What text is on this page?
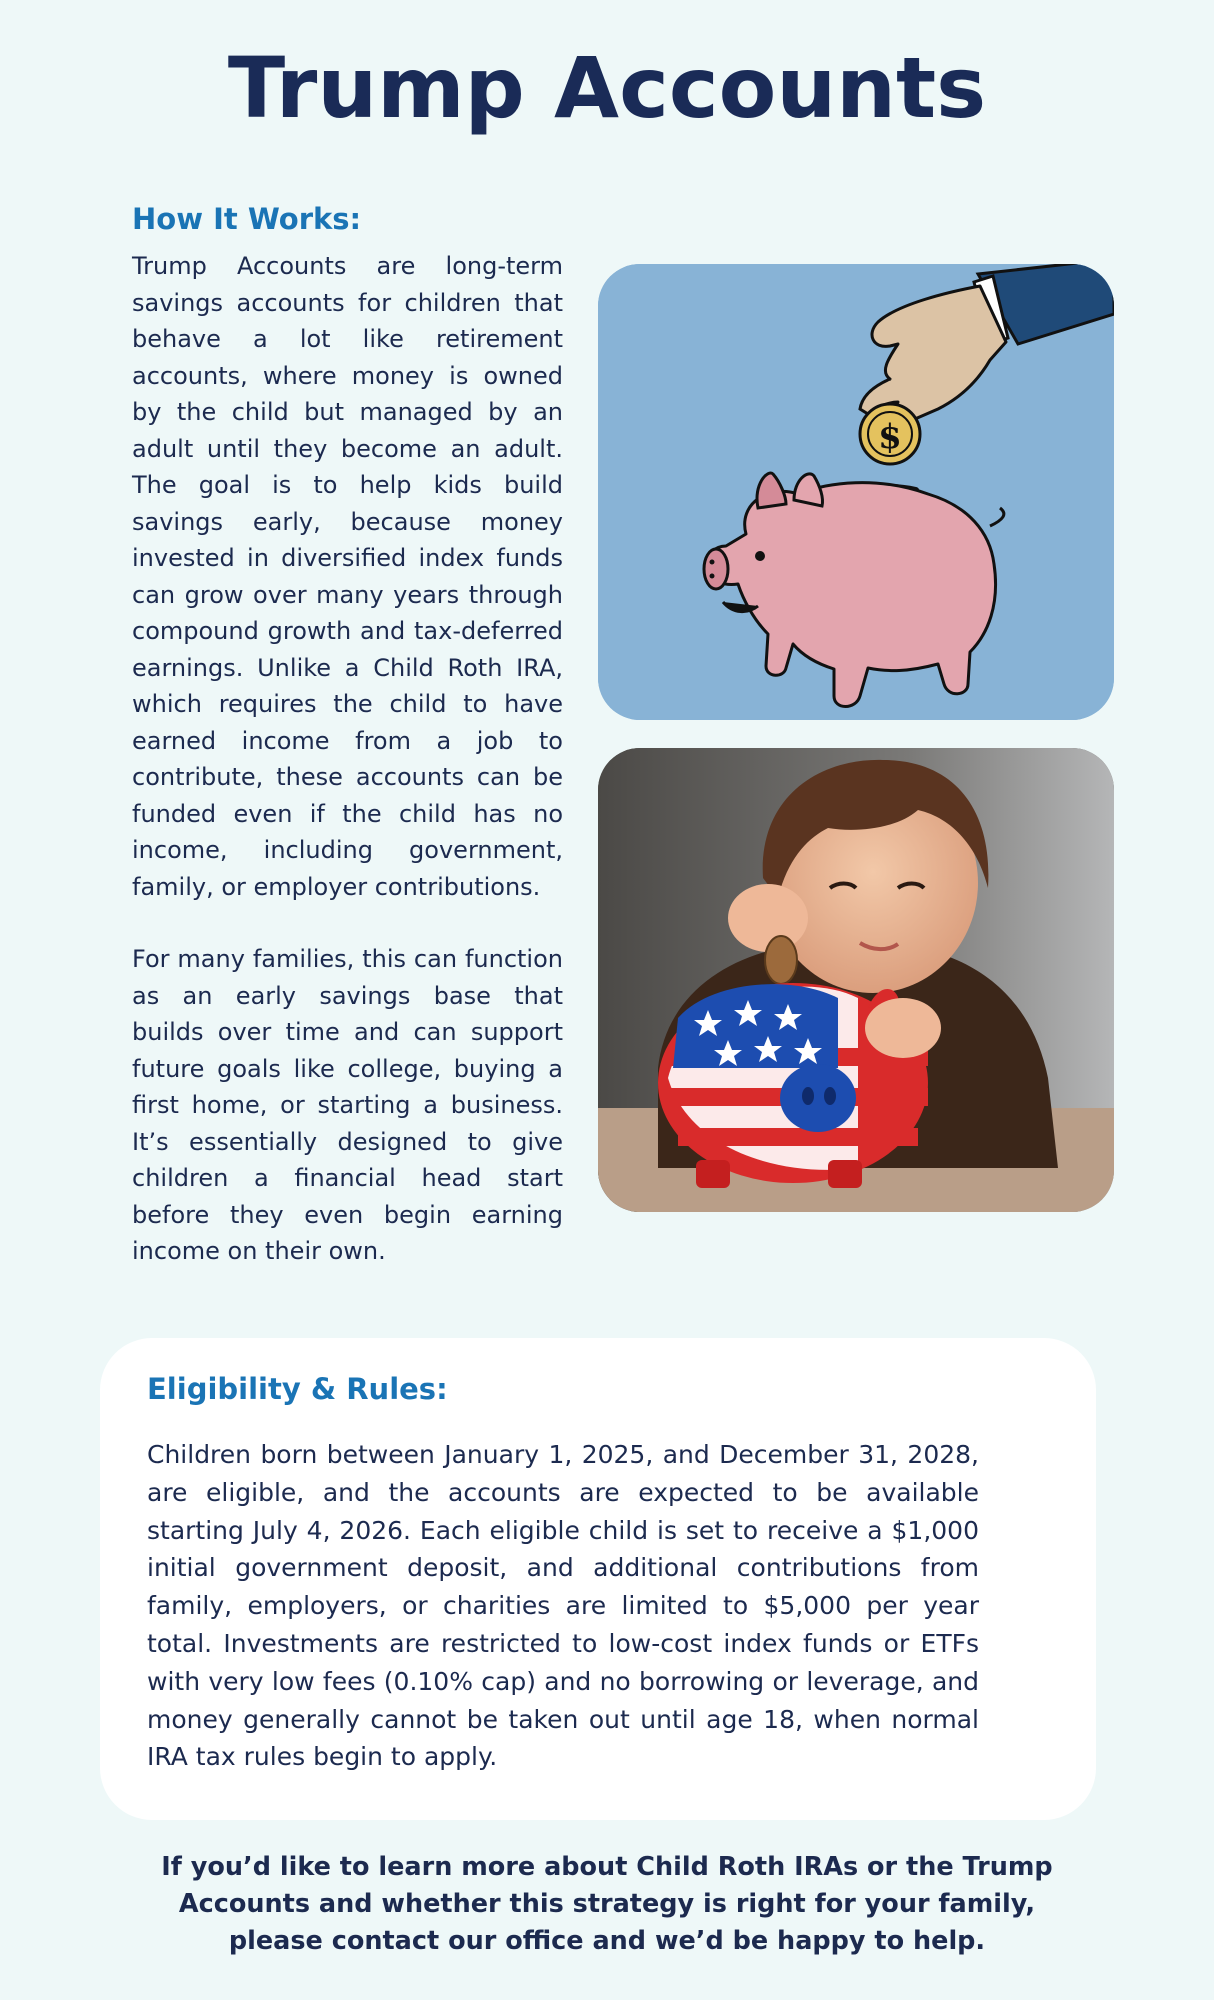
Trump Accounts
How It Works:

Trump Accounts are long-term savings accounts for children that behave a lot like retirement accounts, where money is owned by the child but managed by an adult until they become an adult. The goal is to help kids build savings early, because money invested in diversified index funds can grow over many years through compound growth and tax-deferred earnings. Unlike a Child Roth IRA, which requires the child to have earned income from a job to contribute, these accounts can be funded even if the child has no income, including government, family, or employer contributions.

For many families, this can function as an early savings base that builds over time and can support future goals like college, buying a first home, or starting a business. It’s essentially designed to give children a financial head start before they even begin earning income on their own.

$
Eligibility & Rules:

Children born between January 1, 2025, and December 31, 2028, are eligible, and the accounts are expected to be available starting July 4, 2026. Each eligible child is set to receive a $1,000 initial government deposit, and additional contributions from family, employers, or charities are limited to $5,000 per year total. Investments are restricted to low-cost index funds or ETFs with very low fees (0.10% cap) and no borrowing or leverage, and money generally cannot be taken out until age 18, when normal IRA tax rules begin to apply.

If you’d like to learn more about Child Roth IRAs or the Trump Accounts and whether this strategy is right for your family, please contact our office and we’d be happy to help.
